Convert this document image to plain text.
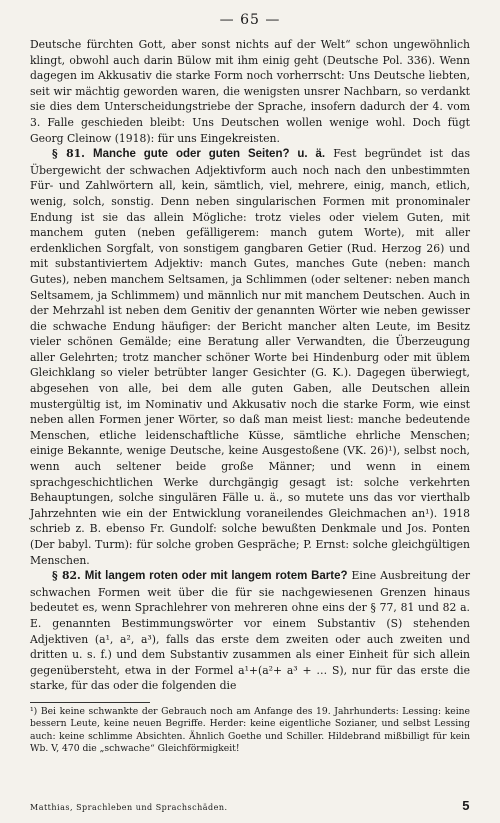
— 65 —

Deutsche fürchten Gott, aber sonst nichts auf der Welt“ schon ungewöhnlich klingt, obwohl auch darin Bülow mit ihm einig geht (Deutsche Pol. 336). Wenn dagegen im Akkusativ die starke Form noch vorherrscht: Uns Deutsche liebten, seit wir mächtig geworden waren, die wenigsten unsrer Nachbarn, so verdankt sie dies dem Unterscheidungstriebe der Sprache, insofern dadurch der 4. vom 3. Falle geschieden bleibt: Uns Deutschen wollen wenige wohl. Doch fügt Georg Cleinow (1918): für uns Eingekreisten.

§ 81. Manche gute oder guten Seiten? u. ä. Fest begründet ist das Übergewicht der schwachen Adjektivform auch noch nach den unbestimmten Für- und Zahlwörtern all, kein, sämtlich, viel, mehrere, einig, manch, etlich, wenig, solch, sonstig. Denn neben singularischen Formen mit pronominaler Endung ist sie das allein Mögliche: trotz vieles oder vielem Guten, mit manchem guten (neben gefälligerem: manch gutem Worte), mit aller erdenklichen Sorgfalt, von sonstigem gangbaren Getier (Rud. Herzog 26) und mit substantiviertem Adjektiv: manch Gutes, manches Gute (neben: manch Gutes), neben manchem Seltsamen, ja Schlimmen (oder seltener: neben manch Seltsamem, ja Schlimmem) und männlich nur mit manchem Deutschen. Auch in der Mehrzahl ist neben dem Genitiv der genannten Wörter wie neben gewisser die schwache Endung häufiger: der Bericht mancher alten Leute, im Besitz vieler schönen Gemälde; eine Beratung aller Verwandten, die Überzeugung aller Gelehrten; trotz mancher schöner Worte bei Hindenburg oder mit üblem Gleichklang so vieler betrübter langer Gesichter (G. K.). Dagegen überwiegt, abgesehen von alle, bei dem alle guten Gaben, alle Deutschen allein mustergültig ist, im Nominativ und Akkusativ noch die starke Form, wie einst neben allen Formen jener Wörter, so daß man meist liest: manche bedeutende Menschen, etliche leidenschaftliche Küsse, sämtliche ehrliche Menschen; einige Bekannte, wenige Deutsche, keine Ausgestoßene (VK. 26)¹), selbst noch, wenn auch seltener beide große Männer; und wenn in einem sprachgeschichtlichen Werke durchgängig gesagt ist: solche verkehrten Behauptungen, solche singulären Fälle u. ä., so mutete uns das vor vierthalb Jahrzehnten wie ein der Entwicklung voraneilendes Gleichmachen an¹). 1918 schrieb z. B. ebenso Fr. Gundolf: solche bewußten Denkmale und Jos. Ponten (Der babyl. Turm): für solche groben Gespräche; P. Ernst: solche gleichgültigen Menschen.

§ 82. Mit langem roten oder mit langem rotem Barte? Eine Ausbreitung der schwachen Formen weit über die für sie nachgewiesenen Grenzen hinaus bedeutet es, wenn Sprachlehrer von mehreren ohne eins der § 77, 81 und 82 a. E. genannten Bestimmungswörter vor einem Substantiv (S) stehenden Adjektiven (a¹, a², a³), falls das erste dem zweiten oder auch zweiten und dritten u. s. f.) und dem Substantiv zusammen als einer Einheit für sich allein gegenübersteht, etwa in der Formel a¹+(a²+ a³ + … S), nur für das erste die starke, für das oder die folgenden die

¹) Bei keine schwankte der Gebrauch noch am Anfange des 19. Jahrhunderts: Lessing: keine bessern Leute, keine neuen Begriffe. Herder: keine eigentliche Sozianer, und selbst Lessing auch: keine schlimme Absichten. Ähnlich Goethe und Schiller. Hildebrand mißbilligt für kein Wb. V, 470 die „schwache“ Gleichförmigkeit!

Matthias, Sprachleben und Sprachschäden.	5
